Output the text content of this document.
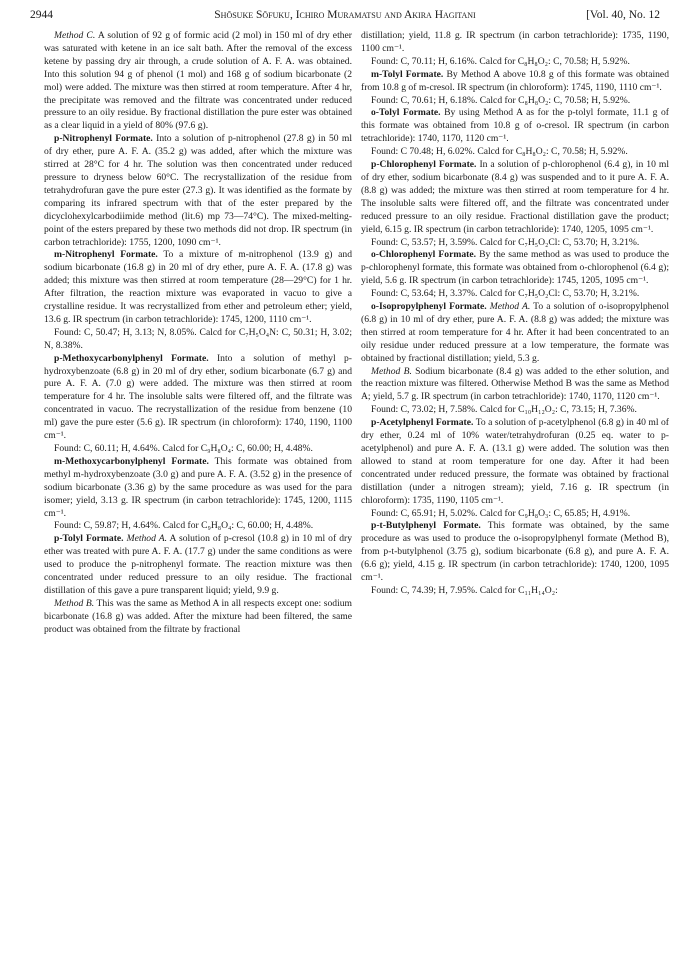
2944	Shōsuke Sōfuku, Ichiro Muramatsu and Akira Hagitani	[Vol. 40, No. 12

Method C. A solution of 92 g of formic acid (2 mol) in 150 ml of dry ether was saturated with ketene in an ice salt bath. After the removal of the excess ketene by passing dry air through, a crude solution of A. F. A. was obtained. Into this solution 94 g of phenol (1 mol) and 168 g of sodium bicarbonate (2 mol) were added. The mixture was then stirred at room temperature. After 4 hr, the precipitate was removed and the filtrate was concentrated under reduced pressure to an oily residue. By fractional distillation the pure ester was obtained as a clear liquid in a yield of 80% (97.6 g).

p-Nitrophenyl Formate. Into a solution of p-nitrophenol (27.8 g) in 50 ml of dry ether, pure A. F. A. (35.2 g) was added, after which the mixture was stirred at 28°C for 4 hr. The solution was then concentrated under reduced pressure to dryness below 60°C. The recrystallization of the residue from tetrahydrofuran gave the pure ester (27.3 g). It was identified as the formate by comparing its infrared spectrum with that of the ester prepared by the dicyclohexylcarbodiimide method (lit.6) mp 73—74°C). The mixed-melting-point of the esters prepared by these two methods did not drop. IR spectrum (in carbon tetrachloride): 1755, 1200, 1090 cm⁻¹.

m-Nitrophenyl Formate. To a mixture of m-nitrophenol (13.9 g) and sodium bicarbonate (16.8 g) in 20 ml of dry ether, pure A. F. A. (17.8 g) was added; this mixture was then stirred at room temperature (28—29°C) for 1 hr. After filtration, the reaction mixture was evaporated in vacuo to give a crystalline residue. It was recrystallized from ether and petroleum ether; yield, 13.6 g. IR spectrum (in carbon tetrachloride): 1745, 1200, 1110 cm⁻¹.

Found: C, 50.47; H, 3.13; N, 8.05%. Calcd for C₇H₅O₄N: C, 50.31; H, 3.02; N, 8.38%.

p-Methoxycarbonylphenyl Formate. Into a solution of methyl p-hydroxybenzoate (6.8 g) in 20 ml of dry ether, sodium bicarbonate (6.7 g) and pure A. F. A. (7.0 g) were added. The mixture was then stirred at room temperature for 4 hr. The insoluble salts were filtered off, and the filtrate was concentrated in vacuo. The recrystallization of the residue from benzene (10 ml) gave the pure ester (5.6 g). IR spectrum (in chloroform): 1740, 1190, 1100 cm⁻¹.

Found: C, 60.11; H, 4.64%. Calcd for C₉H₈O₄: C, 60.00; H, 4.48%.

m-Methoxycarbonylphenyl Formate. This formate was obtained from methyl m-hydroxybenzoate (3.0 g) and pure A. F. A. (3.52 g) in the presence of sodium bicarbonate (3.36 g) by the same procedure as was used for the para isomer; yield, 3.13 g. IR spectrum (in carbon tetrachloride): 1745, 1200, 1115 cm⁻¹.

Found: C, 59.87; H, 4.64%. Calcd for C₉H₈O₄: C, 60.00; H, 4.48%.

p-Tolyl Formate. Method A. A solution of p-cresol (10.8 g) in 10 ml of dry ether was treated with pure A. F. A. (17.7 g) under the same conditions as were used to produce the p-nitrophenyl formate. The reaction mixture was then concentrated under reduced pressure to an oily residue. The fractional distillation of this gave a pure transparent liquid; yield, 9.9 g.

Method B. This was the same as Method A in all respects except one: sodium bicarbonate (16.8 g) was added. After the mixture had been filtered, the same product was obtained from the filtrate by fractional

distillation; yield, 11.8 g. IR spectrum (in carbon tetrachloride): 1735, 1190, 1100 cm⁻¹.

Found: C, 70.11; H, 6.16%. Calcd for C₈H₈O₂: C, 70.58; H, 5.92%.

m-Tolyl Formate. By Method A above 10.8 g of this formate was obtained from 10.8 g of m-cresol. IR spectrum (in chloroform): 1745, 1190, 1110 cm⁻¹.

Found: C, 70.61; H, 6.18%. Calcd for C₈H₈O₂: C, 70.58; H, 5.92%.

o-Tolyl Formate. By using Method A as for the p-tolyl formate, 11.1 g of this formate was obtained from 10.8 g of o-cresol. IR spectrum (in carbon tetrachloride): 1740, 1170, 1120 cm⁻¹.

Found: C 70.48; H, 6.02%. Calcd for C₈H₈O₂: C, 70.58; H, 5.92%.

p-Chlorophenyl Formate. In a solution of p-chlorophenol (6.4 g), in 10 ml of dry ether, sodium bicarbonate (8.4 g) was suspended and to it pure A. F. A. (8.8 g) was added; the mixture was then stirred at room temperature for 4 hr. The insoluble salts were filtered off, and the filtrate was concentrated under reduced pressure to an oily residue. Fractional distillation gave the product; yield, 6.15 g. IR spectrum (in carbon tetrachloride): 1740, 1205, 1095 cm⁻¹.

Found: C, 53.57; H, 3.59%. Calcd for C₇H₅O₂Cl: C, 53.70; H, 3.21%.

o-Chlorophenyl Formate. By the same method as was used to produce the p-chlorophenyl formate, this formate was obtained from o-chlorophenol (6.4 g); yield, 5.6 g. IR spectrum (in carbon tetrachloride): 1745, 1205, 1095 cm⁻¹.

Found: C, 53.64; H, 3.37%. Calcd for C₇H₅O₂Cl: C, 53.70; H, 3.21%.

o-Isopropylphenyl Formate. Method A. To a solution of o-isopropylphenol (6.8 g) in 10 ml of dry ether, pure A. F. A. (8.8 g) was added; the mixture was then stirred at room temperature for 4 hr. After it had been concentrated to an oily residue under reduced pressure at a low temperature, the formate was obtained by fractional distillation; yield, 5.3 g.

Method B. Sodium bicarbonate (8.4 g) was added to the ether solution, and the reaction mixture was filtered. Otherwise Method B was the same as Method A; yield, 5.7 g. IR spectrum (in carbon tetrachloride): 1740, 1170, 1120 cm⁻¹.

Found: C, 73.02; H, 7.58%. Calcd for C₁₀H₁₂O₂: C, 73.15; H, 7.36%.

p-Acetylphenyl Formate. To a solution of p-acetylphenol (6.8 g) in 40 ml of dry ether, 0.24 ml of 10% water/tetrahydrofuran (0.25 eq. water to p-acetylphenol) and pure A. F. A. (13.1 g) were added. The solution was then allowed to stand at room temperature for one day. After it had been concentrated under reduced pressure, the formate was obtained by fractional distillation (under a nitrogen stream); yield, 7.16 g. IR spectrum (in chloroform): 1735, 1190, 1105 cm⁻¹.

Found: C, 65.91; H, 5.02%. Calcd for C₉H₈O₃: C, 65.85; H, 4.91%.

p-t-Butylphenyl Formate. This formate was obtained, by the same procedure as was used to produce the o-isopropylphenyl formate (Method B), from p-t-butylphenol (3.75 g), sodium bicarbonate (6.8 g), and pure A. F. A. (6.6 g); yield, 4.15 g. IR spectrum (in carbon tetrachloride): 1740, 1200, 1095 cm⁻¹.

Found: C, 74.39; H, 7.95%. Calcd for C₁₁H₁₄O₂:
